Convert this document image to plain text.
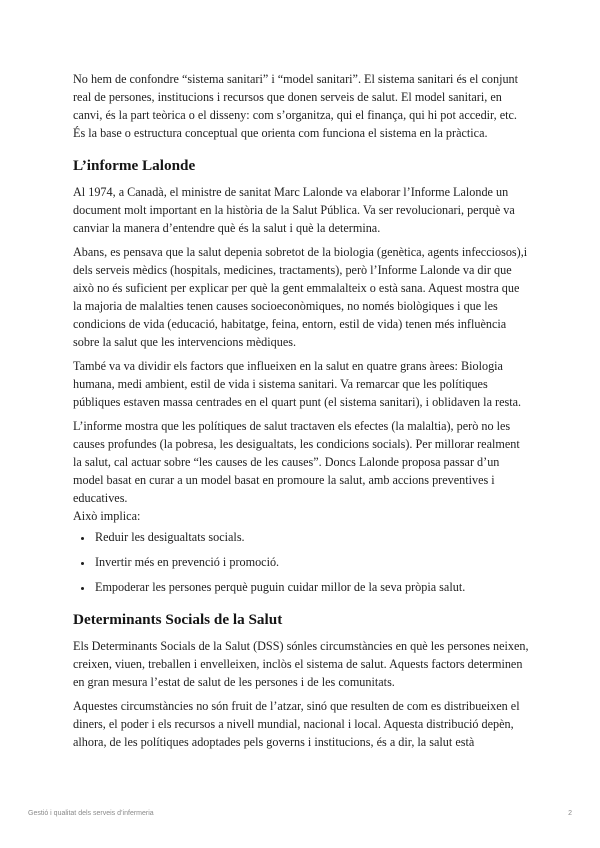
No hem de confondre “sistema sanitari” i “model sanitari”. El sistema sanitari és el conjunt real de persones, institucions i recursos que donen serveis de salut. El model sanitari, en canvi, és la part teòrica o el disseny: com s’organitza, qui el finança, qui hi pot accedir, etc. És la base o estructura conceptual que orienta com funciona el sistema en la pràctica.

L’informe Lalonde

Al 1974, a Canadà, el ministre de sanitat Marc Lalonde va elaborar l’Informe Lalonde un document molt important en la història de la Salut Pública. Va ser revolucionari, perquè va canviar la manera d’entendre què és la salut i què la determina.

Abans, es pensava que la salut depenia sobretot de la biologia (genètica, agents infecciosos),i dels serveis mèdics (hospitals, medicines, tractaments), però l’Informe Lalonde va dir que això no és suficient per explicar per què la gent emmalalteix o està sana. Aquest mostra que la majoria de malalties tenen causes socioeconòmiques, no només biològiques i que les condicions de vida (educació, habitatge, feina, entorn, estil de vida) tenen més influència sobre la salut que les intervencions mèdiques.

També va va dividir els factors que influeixen en la salut en quatre grans àrees: Biologia humana, medi ambient, estil de vida i sistema sanitari. Va remarcar que les polítiques públiques estaven massa centrades en el quart punt (el sistema sanitari), i oblidaven la resta.

L’informe mostra que les polítiques de salut tractaven els efectes (la malaltia), però no les causes profundes (la pobresa, les desigualtats, les condicions socials). Per millorar realment la salut, cal actuar sobre “les causes de les causes”. Doncs Lalonde proposa passar d’un model basat en curar a un model basat en promoure la salut, amb accions preventives i educatives.

Això implica:

• Reduir les desigualtats socials.
• Invertir més en prevenció i promoció.
• Empoderar les persones perquè puguin cuidar millor de la seva pròpia salut.
Determinants Socials de la Salut

Els Determinants Socials de la Salut (DSS) sónles circumstàncies en què les persones neixen, creixen, viuen, treballen i envelleixen, inclòs el sistema de salut. Aquests factors determinen en gran mesura l’estat de salut de les persones i de les comunitats.

Aquestes circumstàncies no són fruit de l’atzar, sinó que resulten de com es distribueixen el diners, el poder i els recursos a nivell mundial, nacional i local. Aquesta distribució depèn, alhora, de les polítiques adoptades pels governs i institucions, és a dir, la salut està

Gestió i qualitat dels serveis d’infermeria	2
